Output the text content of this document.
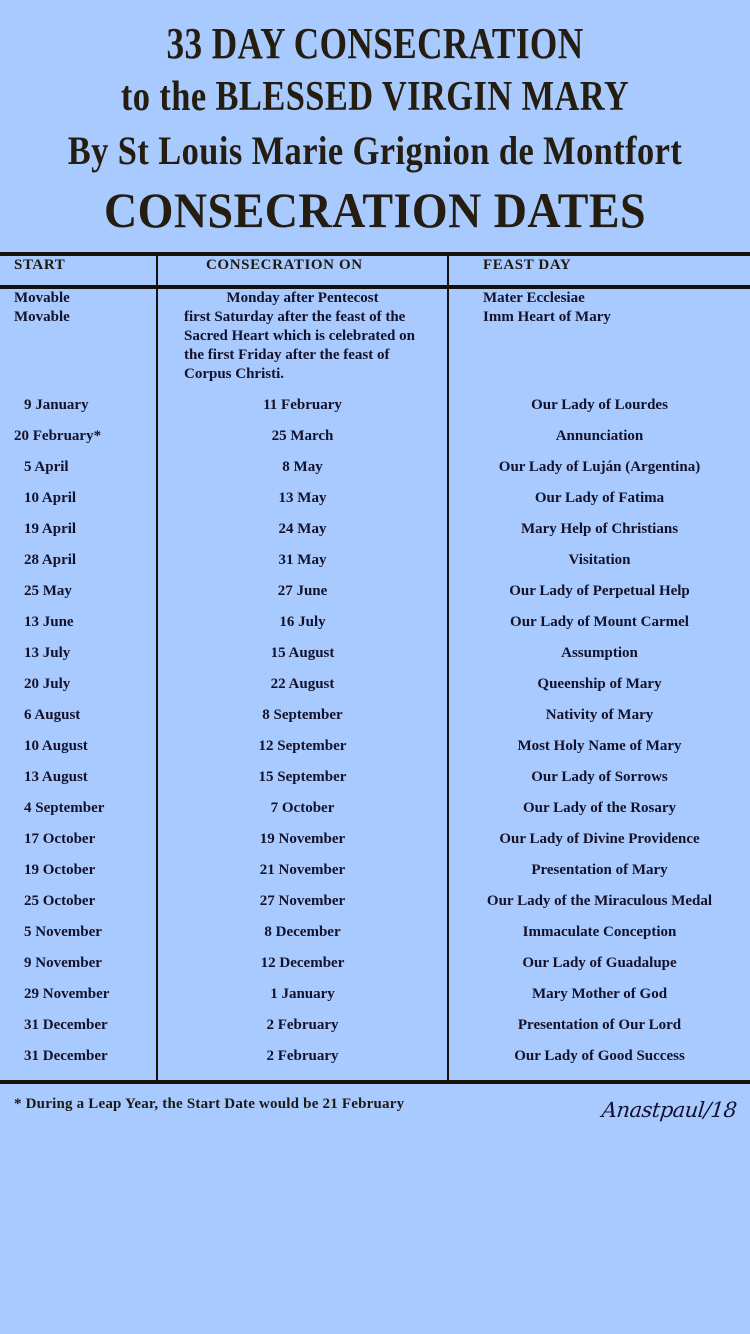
33 DAY CONSECRATION
to the BLESSED VIRGIN MARY
By St Louis Marie Grignion de Montfort
CONSECRATION DATES
START	CONSECRATION ON	FEAST DAY
Movable	Monday after Pentecost	Mater Ecclesiae
Movable	first Saturday after the feast of the Sacred Heart which is celebrated on the first Friday after the feast of Corpus Christi.	Imm Heart of Mary
9 January	11 February	Our Lady of Lourdes
20 February*	25 March	Annunciation
5 April	8 May	Our Lady of Luján (Argentina)
10 April	13 May	Our Lady of Fatima
19 April	24 May	Mary Help of Christians
28 April	31 May	Visitation
25 May	27 June	Our Lady of Perpetual Help
13 June	16 July	Our Lady of Mount Carmel
13 July	15 August	Assumption
20 July	22 August	Queenship of Mary
6 August	8 September	Nativity of Mary
10 August	12 September	Most Holy Name of Mary
13 August	15 September	Our Lady of Sorrows
4 September	7 October	Our Lady of the Rosary
17 October	19 November	Our Lady of Divine Providence
19 October	21 November	Presentation of Mary
25 October	27 November	Our Lady of the Miraculous Medal
5 November	8 December	Immaculate Conception
9 November	12 December	Our Lady of Guadalupe
29 November	1 January	Mary Mother of God
31 December	2 February	Presentation of Our Lord
31 December	2 February	Our Lady of Good Success
* During a Leap Year, the Start Date would be 21 February	Anastpaul/18
